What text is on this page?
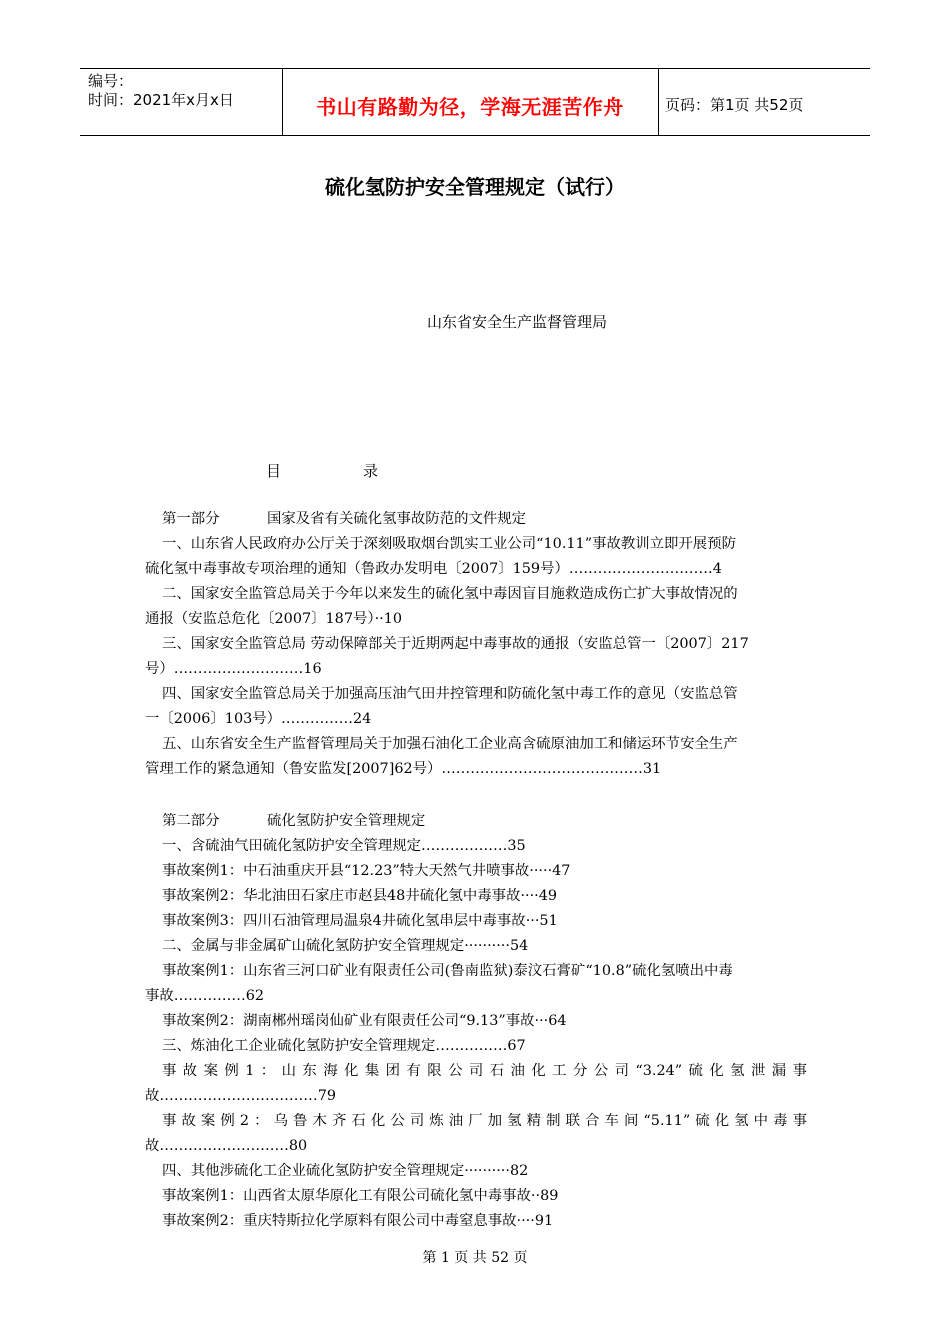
编号：
时间：2021年x月x日	书山有路勤为径，学海无涯苦作舟	页码：第1页 共52页
硫化氢防护安全管理规定（试行）
山东省安全生产监督管理局
目	录
第一部分	国家及省有关硫化氢事故防范的文件规定
一、山东省人民政府办公厅关于深刻吸取烟台凯实工业公司“10.11”事故教训立即开展预防
硫化氢中毒事故专项治理的通知（鲁政办发明电〔2007〕159号）…………………………4
二、国家安全监管总局关于今年以来发生的硫化氢中毒因盲目施救造成伤亡扩大事故情况的
通报（安监总危化〔2007〕187号）··10
三、国家安全监管总局 劳动保障部关于近期两起中毒事故的通报（安监总管一〔2007〕217
号）………………………16
四、国家安全监管总局关于加强高压油气田井控管理和防硫化氢中毒工作的意见（安监总管
一〔2006〕103号）……………24
五、山东省安全生产监督管理局关于加强石油化工企业高含硫原油加工和储运环节安全生产
管理工作的紧急通知（鲁安监发[2007]62号）……………………………………31
第二部分	硫化氢防护安全管理规定
一、含硫油气田硫化氢防护安全管理规定………………35
事故案例1：中石油重庆开县“12.23”特大天然气井喷事故·····47
事故案例2：华北油田石家庄市赵县48井硫化氢中毒事故····49
事故案例3：四川石油管理局温泉4井硫化氢串层中毒事故···51
二、金属与非金属矿山硫化氢防护安全管理规定··········54
事故案例1：山东省三河口矿业有限责任公司(鲁南监狱)泰汶石膏矿“10.8”硫化氢喷出中毒
事故……………62
事故案例2：湖南郴州瑶岗仙矿业有限责任公司“9.13”事故···64
三、炼油化工企业硫化氢防护安全管理规定……………67
事故案例1：山东海化集团有限公司石油化工分公司“3.24”硫化氢泄漏事
故……………………………79
事故案例2：乌鲁木齐石化公司炼油厂加氢精制联合车间“5.11”硫化氢中毒事
故………………………80
四、其他涉硫化工企业硫化氢防护安全管理规定··········82
事故案例1：山西省太原华原化工有限公司硫化氢中毒事故··89
事故案例2：重庆特斯拉化学原料有限公司中毒窒息事故····91
第 1 页 共 52 页
